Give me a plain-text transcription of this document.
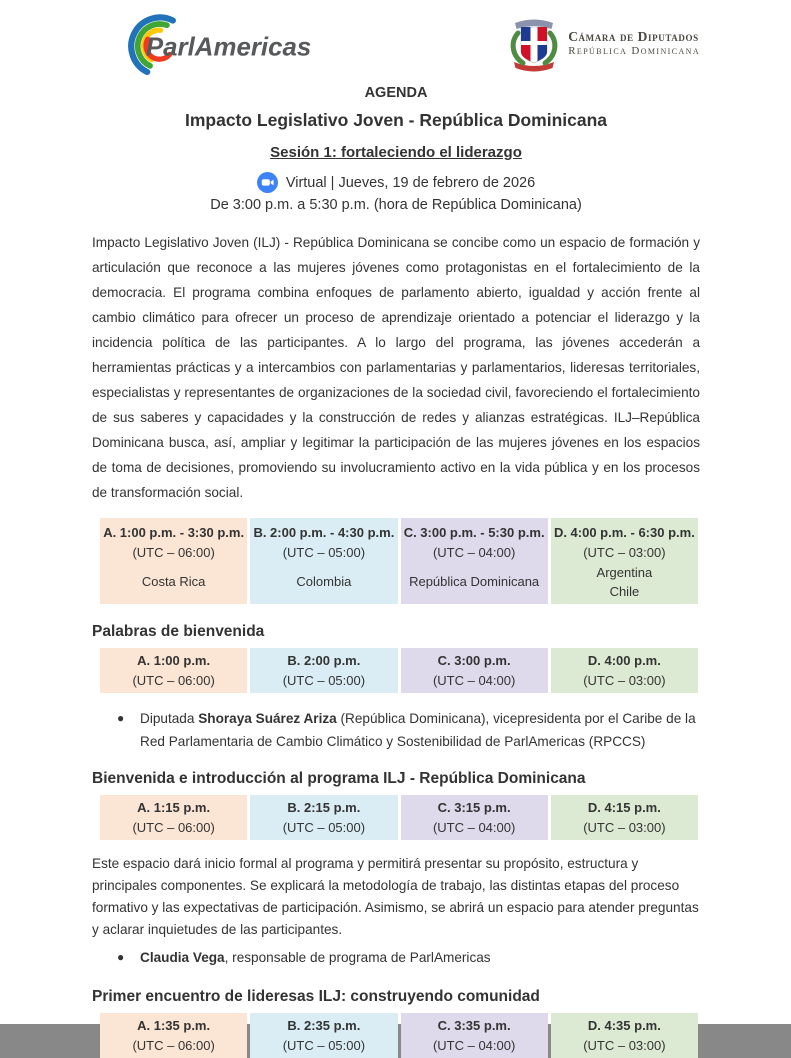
ParlAmericas	Cámara de Diputados
República Dominicana
AGENDA
Impacto Legislativo Joven - República Dominicana
Sesión 1: fortaleciendo el liderazgo
Virtual | Jueves, 19 de febrero de 2026
De 3:00 p.m. a 5:30 p.m. (hora de República Dominicana)

Impacto Legislativo Joven (ILJ) - República Dominicana se concibe como un espacio de formación y articulación que reconoce a las mujeres jóvenes como protagonistas en el fortalecimiento de la democracia. El programa combina enfoques de parlamento abierto, igualdad y acción frente al cambio climático para ofrecer un proceso de aprendizaje orientado a potenciar el liderazgo y la incidencia política de las participantes. A lo largo del programa, las jóvenes accederán a herramientas prácticas y a intercambios con parlamentarias y parlamentarios, lideresas territoriales, especialistas y representantes de organizaciones de la sociedad civil, favoreciendo el fortalecimiento de sus saberes y capacidades y la construcción de redes y alianzas estratégicas. ILJ–República Dominicana busca, así, ampliar y legitimar la participación de las mujeres jóvenes en los espacios de toma de decisiones, promoviendo su involucramiento activo en la vida pública y en los procesos de transformación social.

A. 1:00 p.m. - 3:30 p.m.
(UTC – 06:00)
Costa Rica
B. 2:00 p.m. - 4:30 p.m.
(UTC – 05:00)
Colombia
C. 3:00 p.m. - 5:30 p.m.
(UTC – 04:00)
República Dominicana
D. 4:00 p.m. - 6:30 p.m.
(UTC – 03:00)
Argentina
Chile
Palabras de bienvenida
A. 1:00 p.m.
(UTC – 06:00)
B. 2:00 p.m.
(UTC – 05:00)
C. 3:00 p.m.
(UTC – 04:00)
D. 4:00 p.m.
(UTC – 03:00)
●	Diputada Shoraya Suárez Ariza (República Dominicana), vicepresidenta por el Caribe de la Red Parlamentaria de Cambio Climático y Sostenibilidad de ParlAmericas (RPCCS)
Bienvenida e introducción al programa ILJ - República Dominicana
A. 1:15 p.m.
(UTC – 06:00)
B. 2:15 p.m.
(UTC – 05:00)
C. 3:15 p.m.
(UTC – 04:00)
D. 4:15 p.m.
(UTC – 03:00)

Este espacio dará inicio formal al programa y permitirá presentar su propósito, estructura y principales componentes. Se explicará la metodología de trabajo, las distintas etapas del proceso formativo y las expectativas de participación. Asimismo, se abrirá un espacio para atender preguntas y aclarar inquietudes de las participantes.

●	Claudia Vega, responsable de programa de ParlAmericas
Primer encuentro de lideresas ILJ: construyendo comunidad
A. 1:35 p.m.
(UTC – 06:00)
B. 2:35 p.m.
(UTC – 05:00)
C. 3:35 p.m.
(UTC – 04:00)
D. 4:35 p.m.
(UTC – 03:00)
